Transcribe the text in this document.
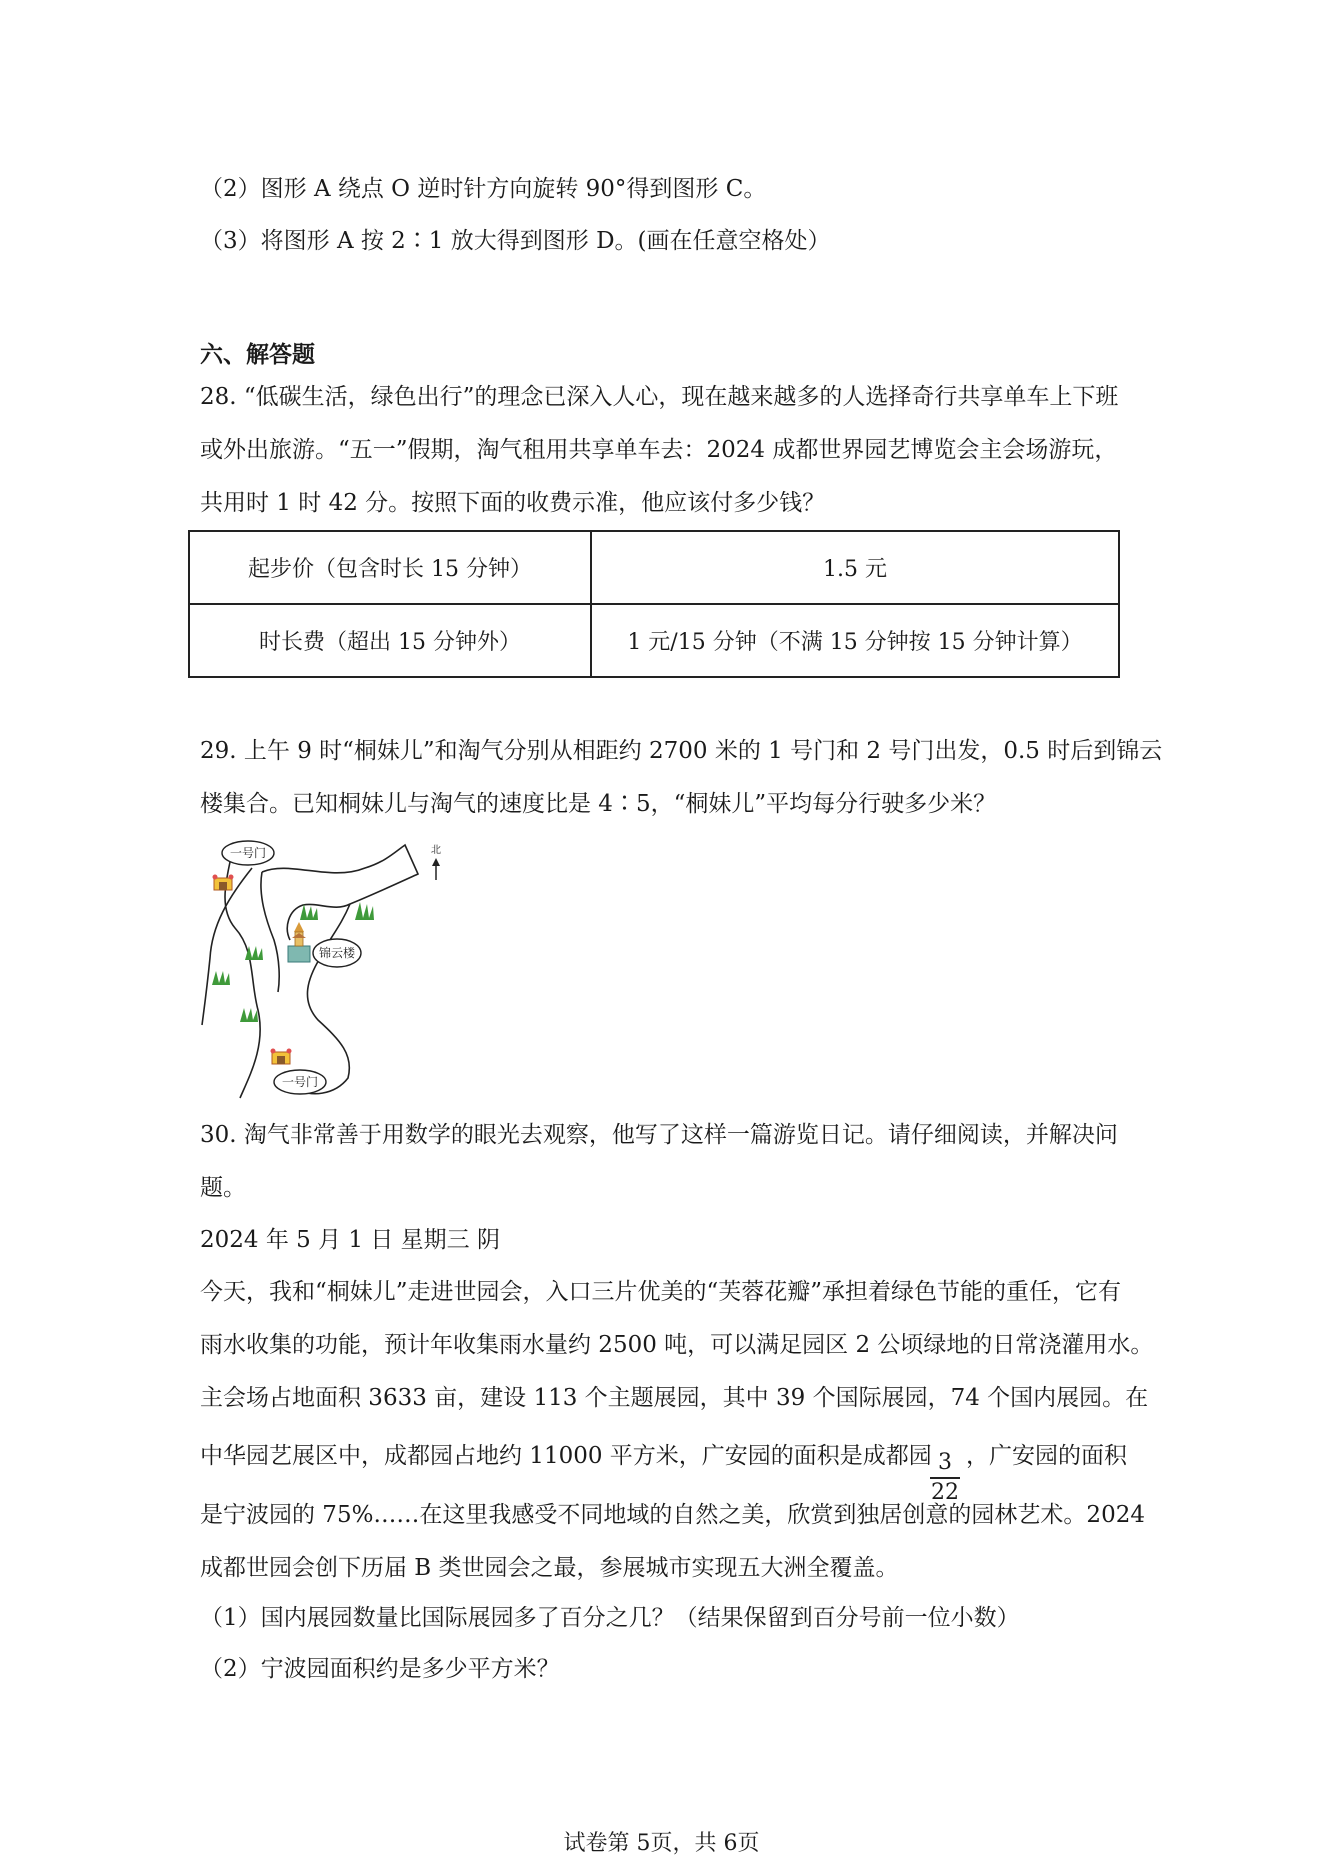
（2）图形 A 绕点 O 逆时针方向旋转 90°得到图形 C。
（3）将图形 A 按 2∶1 放大得到图形 D。(画在任意空格处）
六、解答题
28. “低碳生活，绿色出行”的理念已深入人心，现在越来越多的人选择奇行共享单车上下班
或外出旅游。“五一”假期，淘气租用共享单车去：2024 成都世界园艺博览会主会场游玩，
共用时 1 时 42 分。按照下面的收费示准，他应该付多少钱？
起步价（包含时长 15 分钟）	1.5 元
时长费（超出 15 分钟外）	1 元/15 分钟（不满 15 分钟按 15 分钟计算）
29. 上午 9 时“桐妹儿”和淘气分别从相距约 2700 米的 1 号门和 2 号门出发，0.5 时后到锦云
楼集合。已知桐妹儿与淘气的速度比是 4∶5，“桐妹儿”平均每分行驶多少米？
一号门	北
锦云楼
一号门
30. 淘气非常善于用数学的眼光去观察，他写了这样一篇游览日记。请仔细阅读，并解决问
题。
2024 年 5 月 1 日 星期三 阴
今天，我和“桐妹儿”走进世园会，入口三片优美的“芙蓉花瓣”承担着绿色节能的重任，它有
雨水收集的功能，预计年收集雨水量约 2500 吨，可以满足园区 2 公顷绿地的日常浇灌用水。
主会场占地面积 3633 亩，建设 113 个主题展园，其中 39 个国际展园，74 个国内展园。在
中华园艺展区中，成都园占地约 11000 平方米，广安园的面积是成都园 3
22
，广安园的面积
是宁波园的 75%……在这里我感受不同地域的自然之美，欣赏到独居创意的园林艺术。2024
成都世园会创下历届 B 类世园会之最，参展城市实现五大洲全覆盖。
（1）国内展园数量比国际展园多了百分之几？（结果保留到百分号前一位小数）
（2）宁波园面积约是多少平方米？
试卷第 5页，共 6页
